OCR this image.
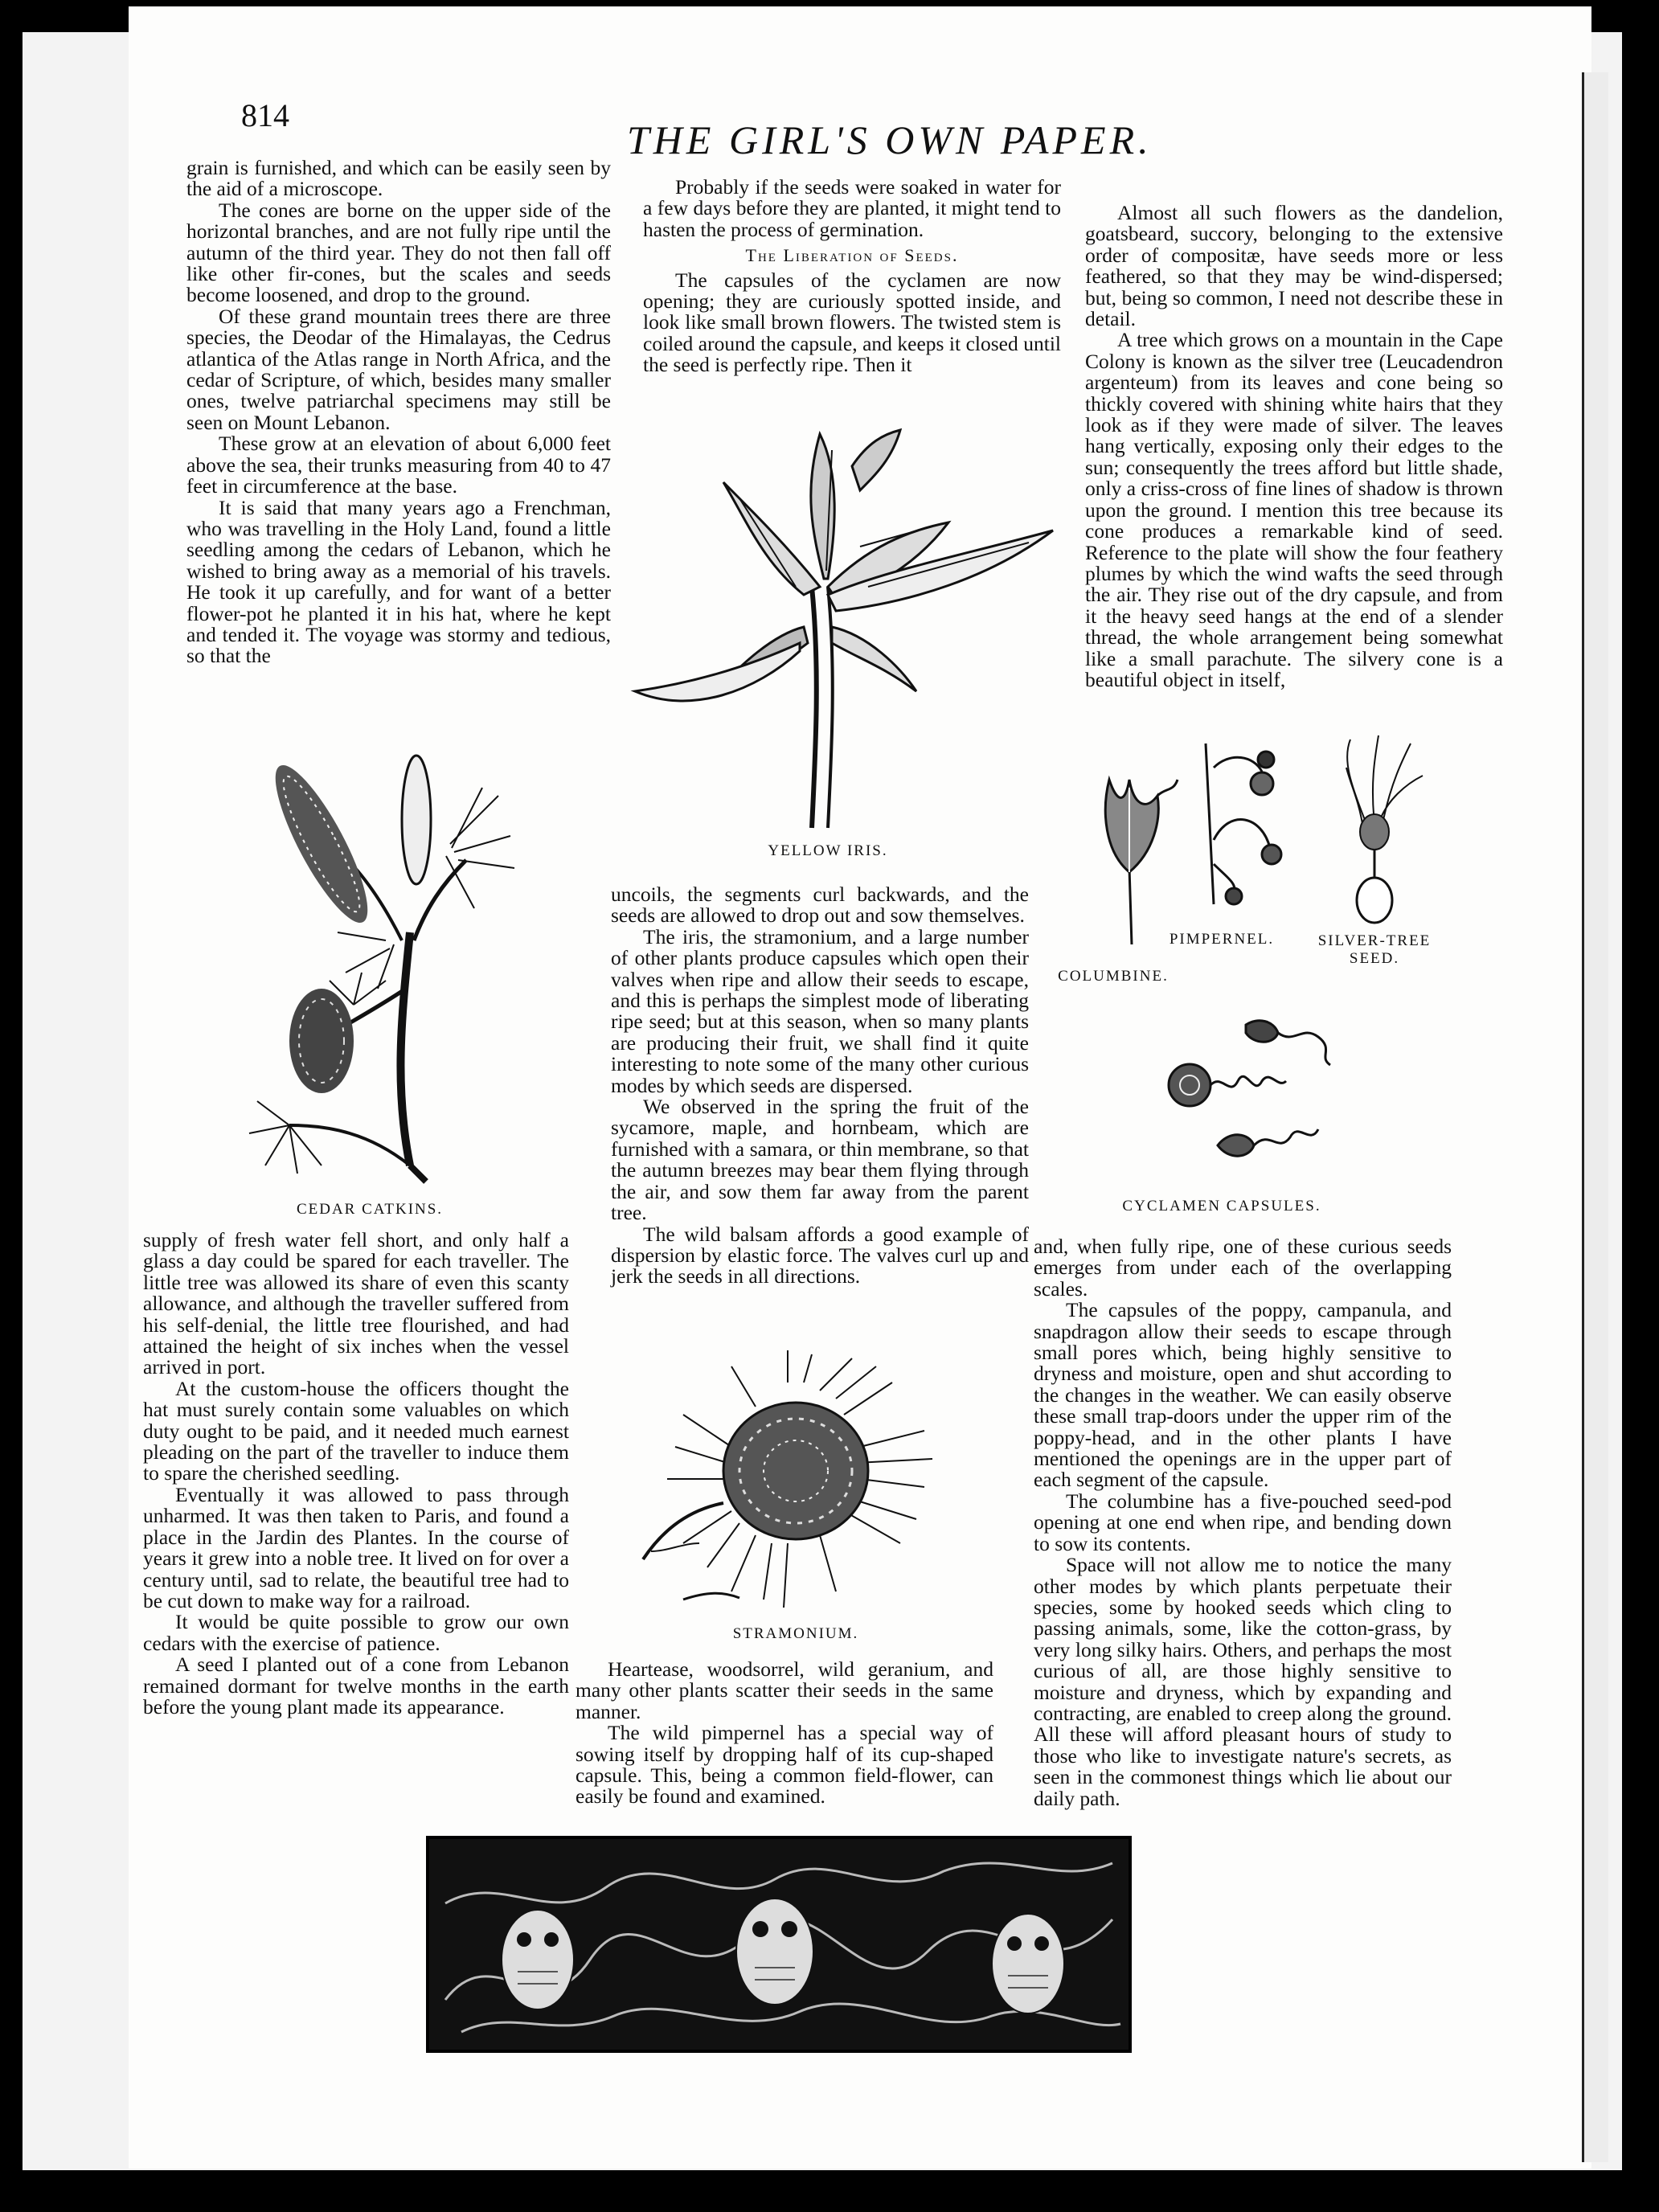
814
THE GIRL'S OWN PAPER.

grain is furnished, and which can be easily seen by the aid of a microscope.

The cones are borne on the upper side of the horizontal branches, and are not fully ripe until the autumn of the third year. They do not then fall off like other fir-cones, but the scales and seeds become loosened, and drop to the ground.

Of these grand mountain trees there are three species, the Deodar of the Himalayas, the Cedrus atlantica of the Atlas range in North Africa, and the cedar of Scripture, of which, besides many smaller ones, twelve patriarchal specimens may still be seen on Mount Lebanon.

These grow at an elevation of about 6,000 feet above the sea, their trunks measuring from 40 to 47 feet in circumference at the base.

It is said that many years ago a Frenchman, who was travelling in the Holy Land, found a little seedling among the cedars of Lebanon, which he wished to bring away as a memorial of his travels. He took it up carefully, and for want of a better flower-pot he planted it in his hat, where he kept and tended it. The voyage was stormy and tedious, so that the

CEDAR CATKINS.

supply of fresh water fell short, and only half a glass a day could be spared for each traveller. The little tree was allowed its share of even this scanty allowance, and although the traveller suffered from his self-denial, the little tree flourished, and had attained the height of six inches when the vessel arrived in port.

At the custom-house the officers thought the hat must surely contain some valuables on which duty ought to be paid, and it needed much earnest pleading on the part of the traveller to induce them to spare the cherished seedling.

Eventually it was allowed to pass through unharmed. It was then taken to Paris, and found a place in the Jardin des Plantes. In the course of years it grew into a noble tree. It lived on for over a century until, sad to relate, the beautiful tree had to be cut down to make way for a railroad.

It would be quite possible to grow our own cedars with the exercise of patience.

A seed I planted out of a cone from Lebanon remained dormant for twelve months in the earth before the young plant made its appearance.

Probably if the seeds were soaked in water for a few days before they are planted, it might tend to hasten the process of germination.

The Liberation of Seeds.

The capsules of the cyclamen are now opening; they are curiously spotted inside, and look like small brown flowers. The twisted stem is coiled around the capsule, and keeps it closed until the seed is perfectly ripe. Then it

YELLOW IRIS.

uncoils, the segments curl backwards, and the seeds are allowed to drop out and sow themselves.

The iris, the stramonium, and a large number of other plants produce capsules which open their valves when ripe and allow their seeds to escape, and this is perhaps the simplest mode of liberating ripe seed; but at this season, when so many plants are producing their fruit, we shall find it quite interesting to note some of the many other curious modes by which seeds are dispersed.

We observed in the spring the fruit of the sycamore, maple, and hornbeam, which are furnished with a samara, or thin membrane, so that the autumn breezes may bear them flying through the air, and sow them far away from the parent tree.

The wild balsam affords a good example of dispersion by elastic force. The valves curl up and jerk the seeds in all directions.

STRAMONIUM.

Heartease, woodsorrel, wild geranium, and many other plants scatter their seeds in the same manner.

The wild pimpernel has a special way of sowing itself by dropping half of its cup-shaped capsule. This, being a common field-flower, can easily be found and examined.

Almost all such flowers as the dandelion, goatsbeard, succory, belonging to the extensive order of compositæ, have seeds more or less feathered, so that they may be wind-dispersed; but, being so common, I need not describe these in detail.

A tree which grows on a mountain in the Cape Colony is known as the silver tree (Leucadendron argenteum) from its leaves and cone being so thickly covered with shining white hairs that they look as if they were made of silver. The leaves hang vertically, exposing only their edges to the sun; consequently the trees afford but little shade, only a criss-cross of fine lines of shadow is thrown upon the ground. I mention this tree because its cone produces a remarkable kind of seed. Reference to the plate will show the four feathery plumes by which the wind wafts the seed through the air. They rise out of the dry capsule, and from it the heavy seed hangs at the end of a slender thread, the whole arrangement being somewhat like a small parachute. The silvery cone is a beautiful object in itself,

COLUMBINE.
PIMPERNEL.	SILVER-TREE SEED.
CYCLAMEN CAPSULES.

and, when fully ripe, one of these curious seeds emerges from under each of the overlapping scales.

The capsules of the poppy, campanula, and snapdragon allow their seeds to escape through small pores which, being highly sensitive to dryness and moisture, open and shut according to the changes in the weather. We can easily observe these small trap-doors under the upper rim of the poppy-head, and in the other plants I have mentioned the openings are in the upper part of each segment of the capsule.

The columbine has a five-pouched seed-pod opening at one end when ripe, and bending down to sow its contents.

Space will not allow me to notice the many other modes by which plants perpetuate their species, some by hooked seeds which cling to passing animals, some, like the cotton-grass, by very long silky hairs. Others, and perhaps the most curious of all, are those highly sensitive to moisture and dryness, which by expanding and contracting, are enabled to creep along the ground. All these will afford pleasant hours of study to those who like to investigate nature's secrets, as seen in the commonest things which lie about our daily path.
